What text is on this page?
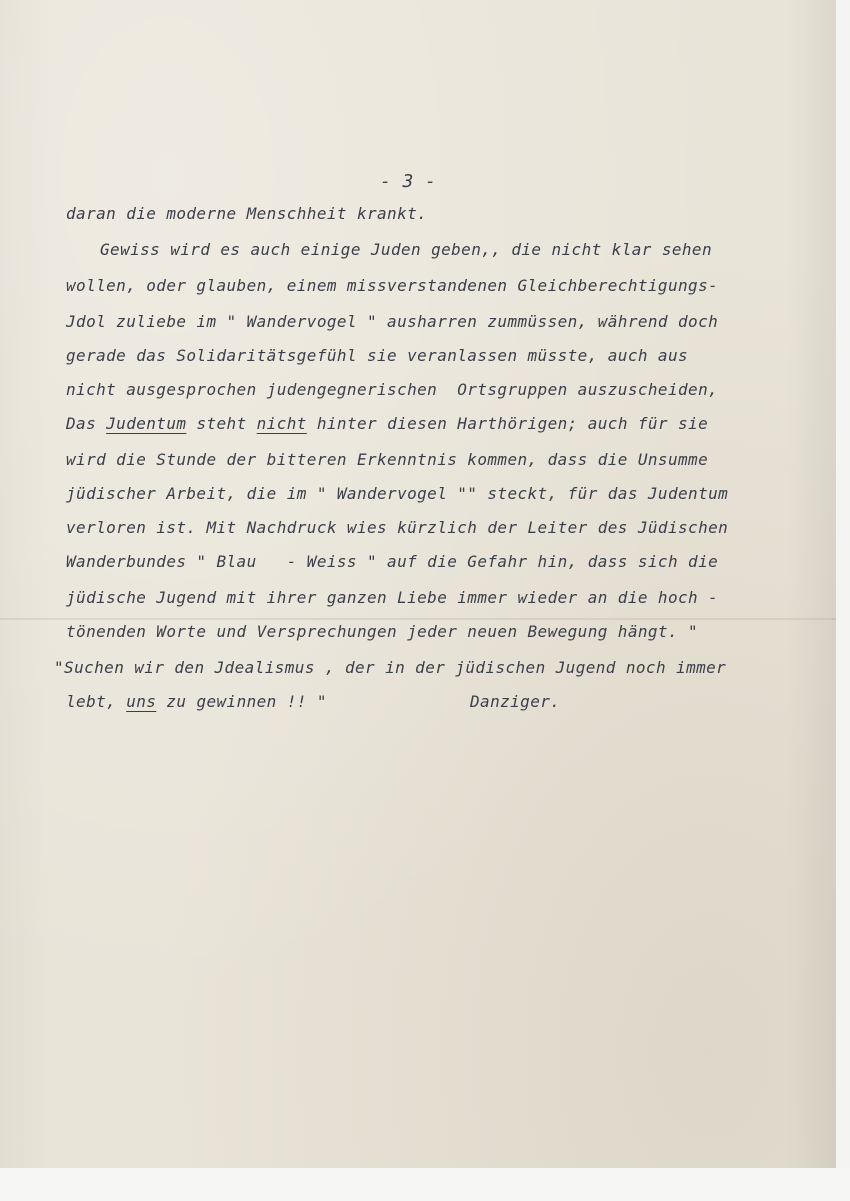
- 3 -
daran die moderne Menschheit krankt.
Gewiss wird es auch einige Juden geben,, die nicht klar sehen
wollen, oder glauben, einem missverstandenen Gleichberechtigungs-
Jdol zuliebe im " Wandervogel " ausharren zummüssen, während doch
gerade das Solidaritätsgefühl sie veranlassen müsste, auch aus
nicht ausgesprochen judengegnerischen  Ortsgruppen auszuscheiden,
Das Judentum steht nicht hinter diesen Harthörigen; auch für sie
wird die Stunde der bitteren Erkenntnis kommen, dass die Unsumme
jüdischer Arbeit, die im " Wandervogel "" steckt, für das Judentum
verloren ist. Mit Nachdruck wies kürzlich der Leiter des Jüdischen
Wanderbundes " Blau   - Weiss " auf die Gefahr hin, dass sich die
jüdische Jugend mit ihrer ganzen Liebe immer wieder an die hoch -
tönenden Worte und Versprechungen jeder neuen Bewegung hängt. "
"Suchen wir den Jdealismus , der in der jüdischen Jugend noch immer
lebt, uns zu gewinnen !! "	Danziger.
